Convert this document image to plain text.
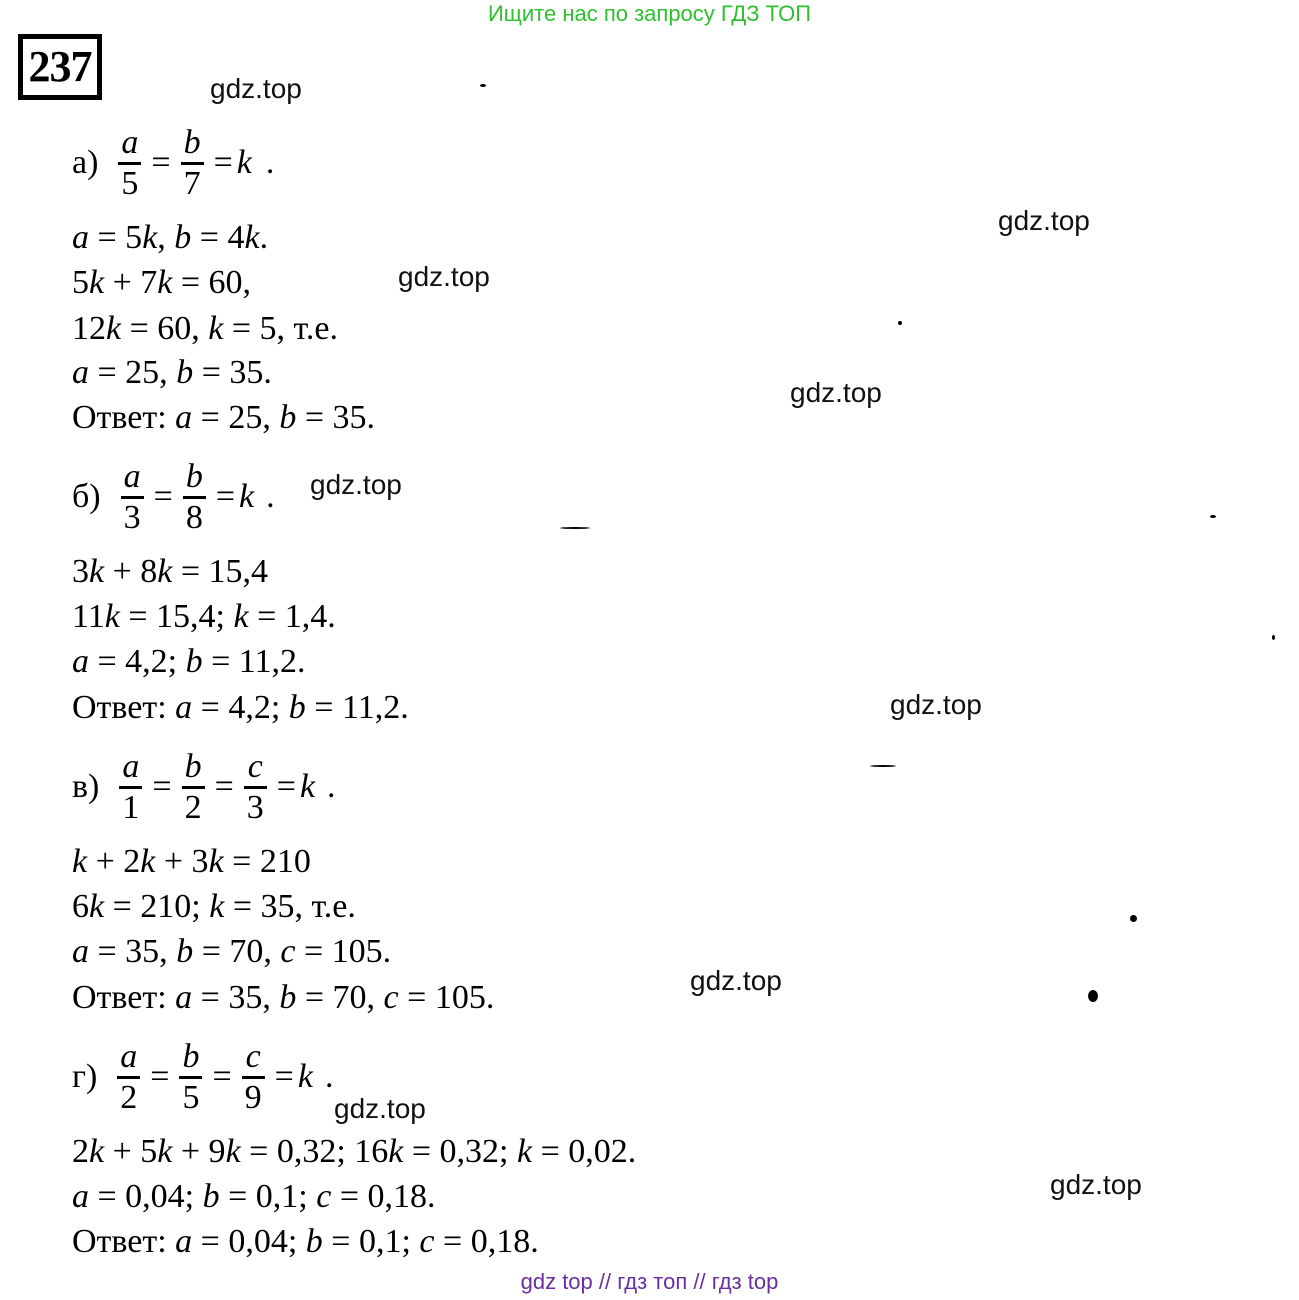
Ищите нас по запросу ГДЗ ТОП
237	gdz.top
gdz.top
gdz.top
gdz.top
gdz.top
gdz.top
gdz.top
gdz.top
gdz.top
$а) \frac{a}{5} = \frac{b}{7} = k$ .
a = 5k, b = 4k.
5k + 7k = 60,
12k = 60, k = 5, т.е.
a = 25, b = 35.
Ответ: a = 25, b = 35.
$б) \frac{a}{3} = \frac{b}{8} = k$ .
3k + 8k = 15,4
11k = 15,4; k = 1,4.
a = 4,2; b = 11,2.
Ответ: a = 4,2; b = 11,2.
$в) \frac{a}{1} = \frac{b}{2} = \frac{c}{3} = k$ .
k + 2k + 3k = 210
6k = 210; k = 35, т.е.
a = 35, b = 70, c = 105.
Ответ: a = 35, b = 70, c = 105.
$г) \frac{a}{2} = \frac{b}{5} = \frac{c}{9} = k$ .
2k + 5k + 9k = 0,32; 16k = 0,32; k = 0,02.
a = 0,04; b = 0,1; c = 0,18.
Ответ: a = 0,04; b = 0,1; c = 0,18.
gdz top // гдз топ // гдз top
